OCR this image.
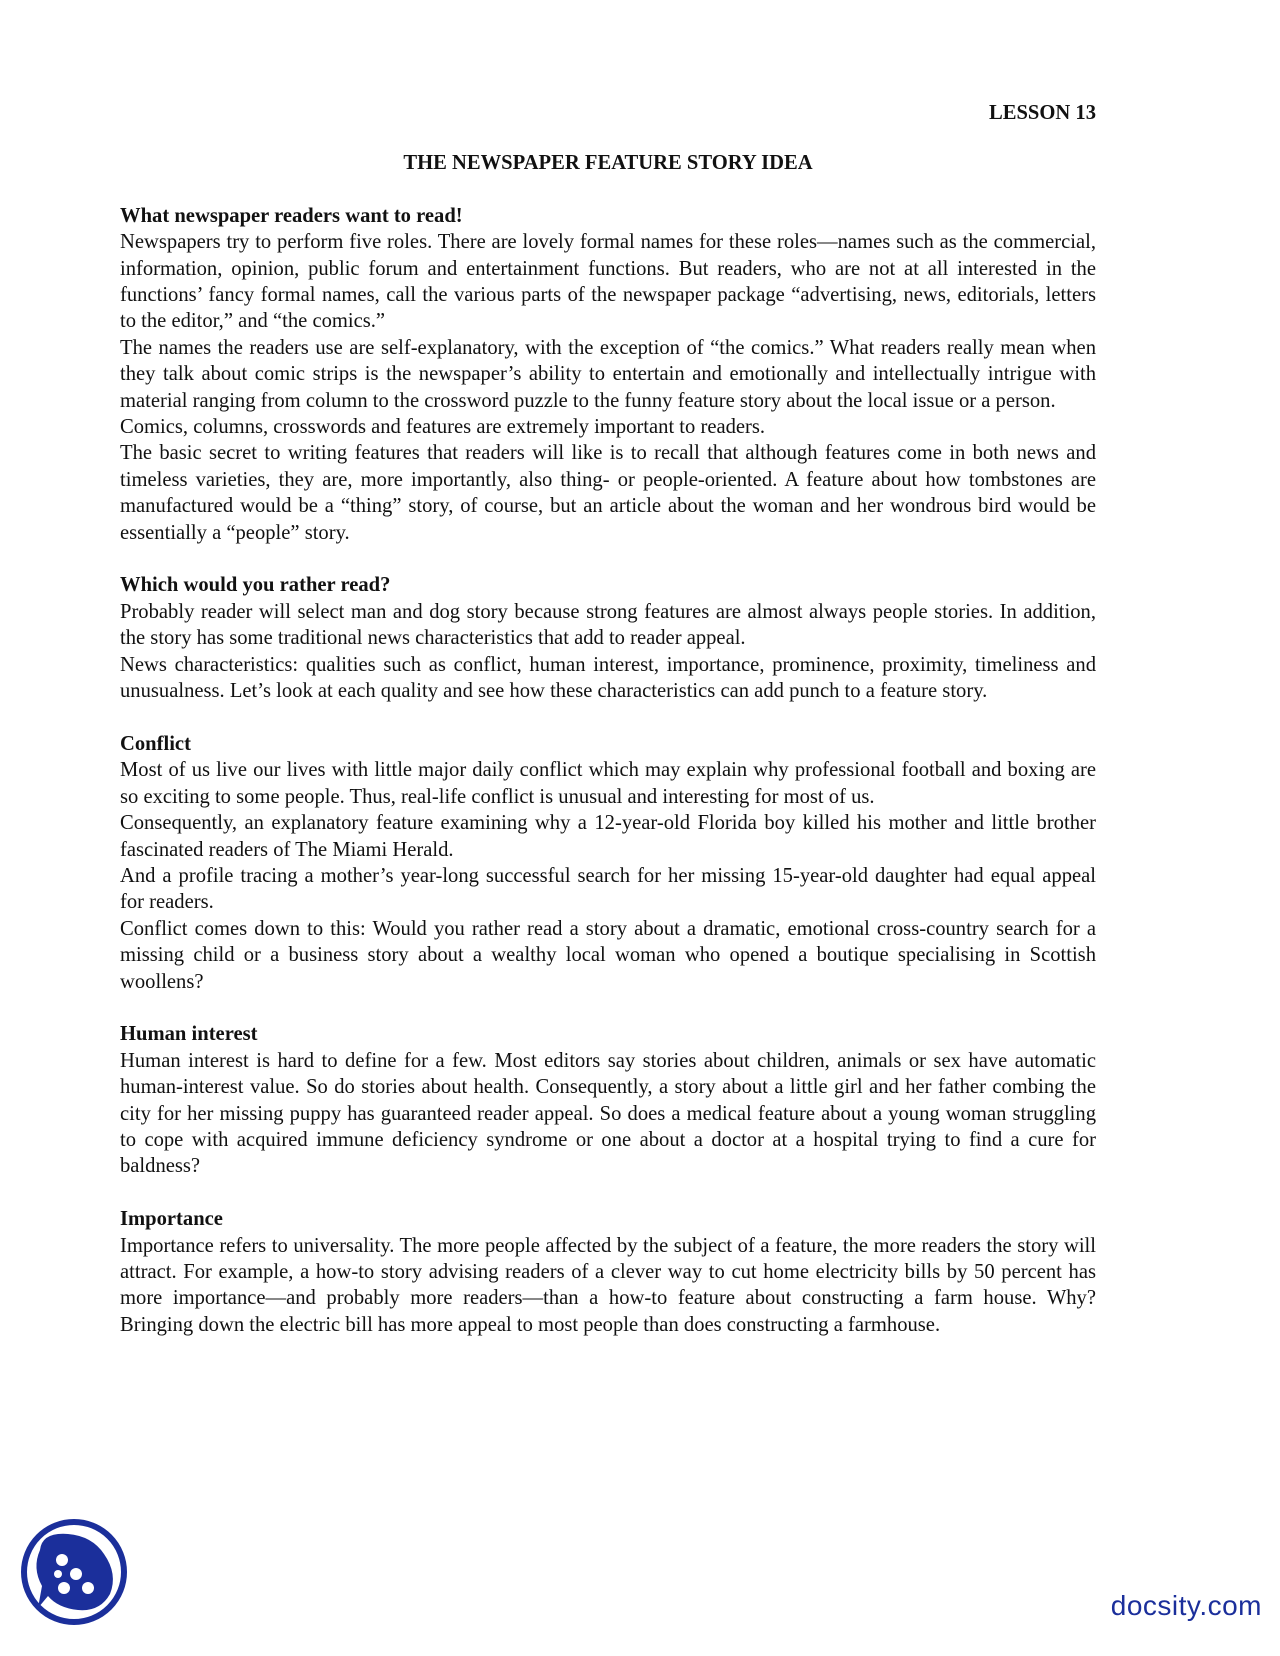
LESSON 13

THE NEWSPAPER FEATURE STORY IDEA

What newspaper readers want to read!

Newspapers try to perform five roles. There are lovely formal names for these roles—names such as the commercial, information, opinion, public forum and entertainment functions. But readers, who are not at all interested in the functions’ fancy formal names, call the various parts of the newspaper package “advertising, news, editorials, letters to the editor,” and “the comics.”

The names the readers use are self-explanatory, with the exception of “the comics.” What readers really mean when they talk about comic strips is the newspaper’s ability to entertain and emotionally and intellectually intrigue with material ranging from column to the crossword puzzle to the funny feature story about the local issue or a person.

Comics, columns, crosswords and features are extremely important to readers.

The basic secret to writing features that readers will like is to recall that although features come in both news and timeless varieties, they are, more importantly, also thing- or people-oriented. A feature about how tombstones are manufactured would be a “thing” story, of course, but an article about the woman and her wondrous bird would be essentially a “people” story.

Which would you rather read?

Probably reader will select man and dog story because strong features are almost always people stories. In addition, the story has some traditional news characteristics that add to reader appeal.

News characteristics: qualities such as conflict, human interest, importance, prominence, proximity, timeliness and unusualness. Let’s look at each quality and see how these characteristics can add punch to a feature story.

Conflict

Most of us live our lives with little major daily conflict which may explain why professional football and boxing are so exciting to some people. Thus, real-life conflict is unusual and interesting for most of us.

Consequently, an explanatory feature examining why a 12-year-old Florida boy killed his mother and little brother fascinated readers of The Miami Herald.

And a profile tracing a mother’s year-long successful search for her missing 15-year-old daughter had equal appeal for readers.

Conflict comes down to this: Would you rather read a story about a dramatic, emotional cross-country search for a missing child or a business story about a wealthy local woman who opened a boutique specialising in Scottish woollens?

Human interest

Human interest is hard to define for a few. Most editors say stories about children, animals or sex have automatic human-interest value. So do stories about health. Consequently, a story about a little girl and her father combing the city for her missing puppy has guaranteed reader appeal. So does a medical feature about a young woman struggling to cope with acquired immune deficiency syndrome or one about a doctor at a hospital trying to find a cure for baldness?

Importance

Importance refers to universality. The more people affected by the subject of a feature, the more readers the story will attract. For example, a how-to story advising readers of a clever way to cut home electricity bills by 50 percent has more importance—and probably more readers—than a how-to feature about constructing a farm house. Why? Bringing down the electric bill has more appeal to most people than does constructing a farmhouse.

docsity.com
